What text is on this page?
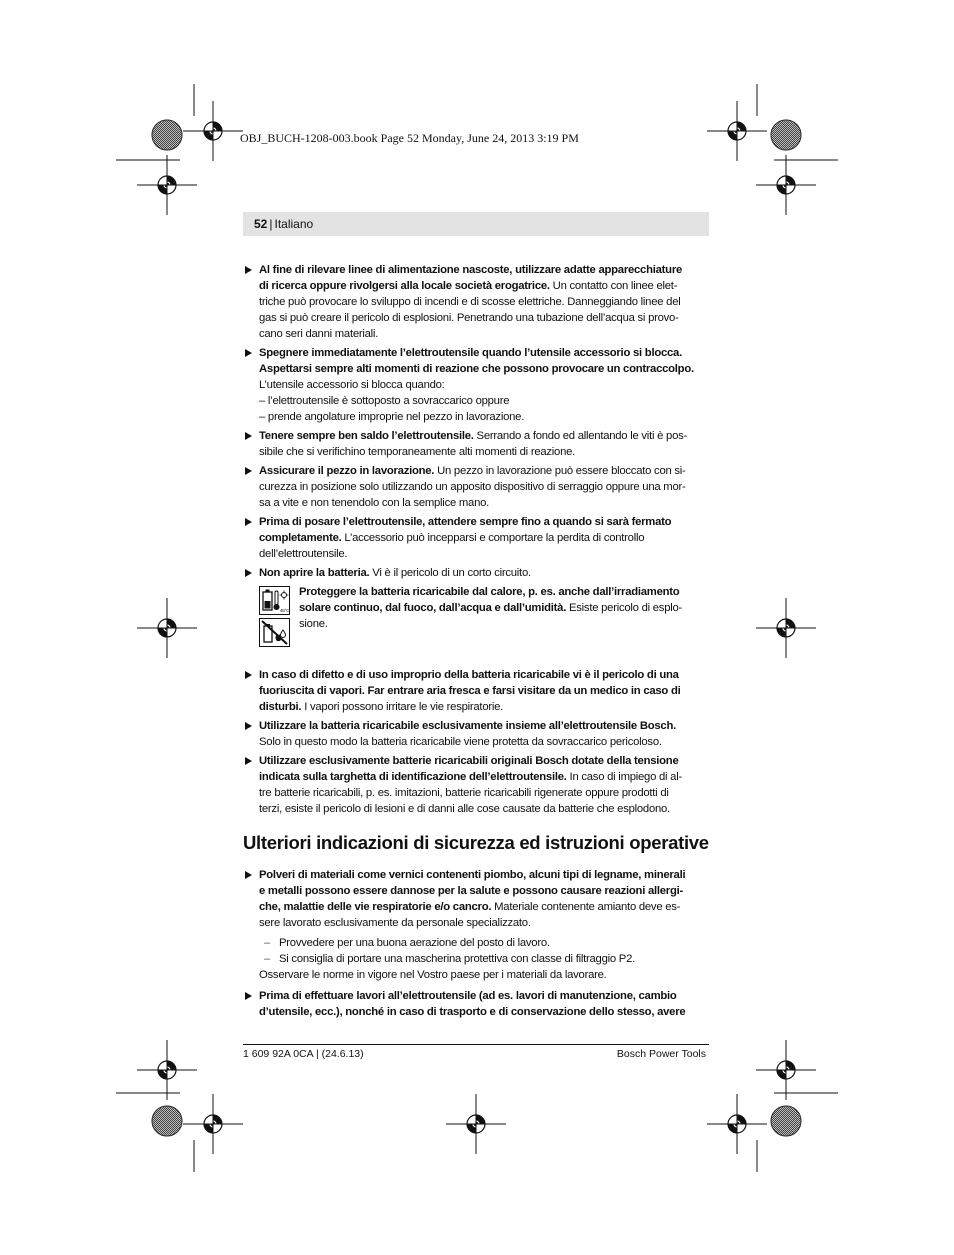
OBJ_BUCH-1208-003.book Page 52 Monday, June 24, 2013 3:19 PM
52 | Italiano

Al fine di rilevare linee di alimentazione nascoste, utilizzare adatte apparecchiature
di ricerca oppure rivolgersi alla locale società erogatrice. Un contatto con linee elet-
triche può provocare lo sviluppo di incendi e di scosse elettriche. Danneggiando linee del
gas si può creare il pericolo di esplosioni. Penetrando una tubazione dell’acqua si provo-
cano seri danni materiali.

Spegnere immediatamente l’elettroutensile quando l’utensile accessorio si blocca.
Aspettarsi sempre alti momenti di reazione che possono provocare un contraccolpo.
L’utensile accessorio si blocca quando:
– l’elettroutensile è sottoposto a sovraccarico oppure
– prende angolature improprie nel pezzo in lavorazione.

Tenere sempre ben saldo l’elettroutensile. Serrando a fondo ed allentando le viti è pos-
sibile che si verifichino temporaneamente alti momenti di reazione.

Assicurare il pezzo in lavorazione. Un pezzo in lavorazione può essere bloccato con si-
curezza in posizione solo utilizzando un apposito dispositivo di serraggio oppure una mor-
sa a vite e non tenendolo con la semplice mano.

Prima di posare l’elettroutensile, attendere sempre fino a quando si sarà fermato
completamente. L’accessorio può incepparsi e comportare la perdita di controllo
dell’elettroutensile.

Non aprire la batteria. Vi è il pericolo di un corto circuito.

45°C
Proteggere la batteria ricaricabile dal calore, p. es. anche dall’irradiamento
solare continuo, dal fuoco, dall’acqua e dall’umidità. Esiste pericolo di esplo-
sione.

In caso di difetto e di uso improprio della batteria ricaricabile vi è il pericolo di una
fuoriuscita di vapori. Far entrare aria fresca e farsi visitare da un medico in caso di
disturbi. I vapori possono irritare le vie respiratorie.

Utilizzare la batteria ricaricabile esclusivamente insieme all’elettroutensile Bosch.
Solo in questo modo la batteria ricaricabile viene protetta da sovraccarico pericoloso.

Utilizzare esclusivamente batterie ricaricabili originali Bosch dotate della tensione
indicata sulla targhetta di identificazione dell’elettroutensile. In caso di impiego di al-
tre batterie ricaricabili, p. es. imitazioni, batterie ricaricabili rigenerate oppure prodotti di
terzi, esiste il pericolo di lesioni e di danni alle cose causate da batterie che esplodono.

Ulteriori indicazioni di sicurezza ed istruzioni operative

Polveri di materiali come vernici contenenti piombo, alcuni tipi di legname, minerali
e metalli possono essere dannose per la salute e possono causare reazioni allergi-
che, malattie delle vie respiratorie e/o cancro. Materiale contenente amianto deve es-
sere lavorato esclusivamente da personale specializzato.

– Provvedere per una buona aerazione del posto di lavoro.
– Si consiglia di portare una mascherina protettiva con classe di filtraggio P2.

Osservare le norme in vigore nel Vostro paese per i materiali da lavorare.

Prima di effettuare lavori all’elettroutensile (ad es. lavori di manutenzione, cambio
d’utensile, ecc.), nonché in caso di trasporto e di conservazione dello stesso, avere

1 609 92A 0CA | (24.6.13)	Bosch Power Tools
